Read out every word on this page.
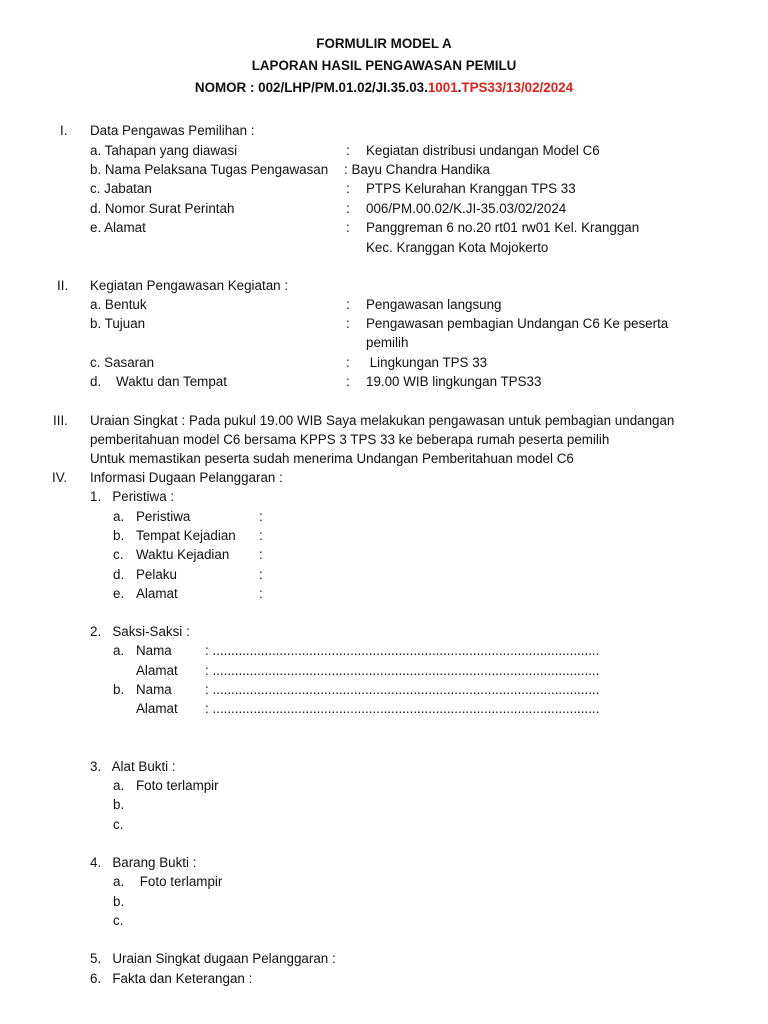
FORMULIR MODEL A
LAPORAN HASIL PENGAWASAN PEMILU
NOMOR : 002/LHP/PM.01.02/JI.35.03.1001.TPS33/13/02/2024
I. Data Pengawas Pemilihan :
a. Tahapan yang diawasi	: Kegiatan distribusi undangan Model C6
b. Nama Pelaksana Tugas Pengawasan : Bayu Chandra Handika
c. Jabatan	: PTPS Kelurahan Kranggan TPS 33
d. Nomor Surat Perintah	: 006/PM.00.02/K.JI-35.03/02/2024
e. Alamat	: Panggreman 6 no.20 rt01 rw01 Kel. Kranggan
Kec. Kranggan Kota Mojokerto
II. Kegiatan Pengawasan Kegiatan :
a. Bentuk	: Pengawasan langsung
b. Tujuan	: Pengawasan pembagian Undangan C6 Ke peserta
pemilih
c. Sasaran	: Lingkungan TPS 33
d.    Waktu dan Tempat	: 19.00 WIB lingkungan TPS33
III. Uraian Singkat : Pada pukul 19.00 WIB Saya melakukan pengawasan untuk pembagian undangan
pemberitahuan model C6 bersama KPPS 3 TPS 33 ke beberapa rumah peserta pemilih
Untuk memastikan peserta sudah menerima Undangan Pemberitahuan model C6
IV. Informasi Dugaan Pelanggaran :
1.   Peristiwa :
a. Peristiwa	:
b. Tempat Kejadian :
c. Waktu Kejadian :
d. Pelaku	:
e. Alamat	:
2.   Saksi-Saksi :
a. Nama : ........................................................................................................
Alamat : ........................................................................................................
b. Nama : ........................................................................................................
Alamat : ........................................................................................................
3.   Alat Bukti :
a. Foto terlampir
b.
c.
4.   Barang Bukti :
a. Foto terlampir
b.
c.
5.   Uraian Singkat dugaan Pelanggaran :
6.   Fakta dan Keterangan :
